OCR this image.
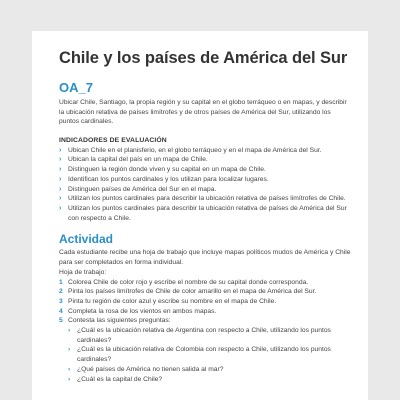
Chile y los países de América del Sur
OA_7

Ubicar Chile, Santiago, la propia región y su capital en el globo terráqueo o en mapas, y describir la ubicación relativa de países limítrofes y de otros países de América del Sur, utilizando los puntos cardinales.

INDICADORES DE EVALUACIÓN
› Ubican Chile en el planisferio, en el globo terráqueo y en el mapa de América del Sur.
› Ubican la capital del país en un mapa de Chile.
› Distinguen la región donde viven y su capital en un mapa de Chile.
› Identifican los puntos cardinales y los utilizan para localizar lugares.
› Distinguen países de América del Sur en el mapa.
› Utilizan los puntos cardinales para describir la ubicación relativa de países limítrofes de Chile.
› Utilizan los puntos cardinales para describir la ubicación relativa de países de América del Sur con respecto a Chile.
Actividad

Cada estudiante recibe una hoja de trabajo que incluye mapas políticos mudos de América y Chile para ser completados en forma individual.

Hoja de trabajo:

1 Colorea Chile de color rojo y escribe el nombre de su capital donde corresponda.
2 Pinta los países limítrofes de Chile de color amarillo en el mapa de América del Sur.
3 Pinta tu región de color azul y escribe su nombre en el mapa de Chile.
4 Completa la rosa de los vientos en ambos mapas.
5 Contesta las siguientes preguntas:
› ¿Cuál es la ubicación relativa de Argentina con respecto a Chile, utilizando los puntos cardinales?
› ¿Cuál es la ubicación relativa de Colombia con respecto a Chile, utilizando los puntos cardinales?
› ¿Qué países de América no tienen salida al mar?
› ¿Cuál es la capital de Chile?
